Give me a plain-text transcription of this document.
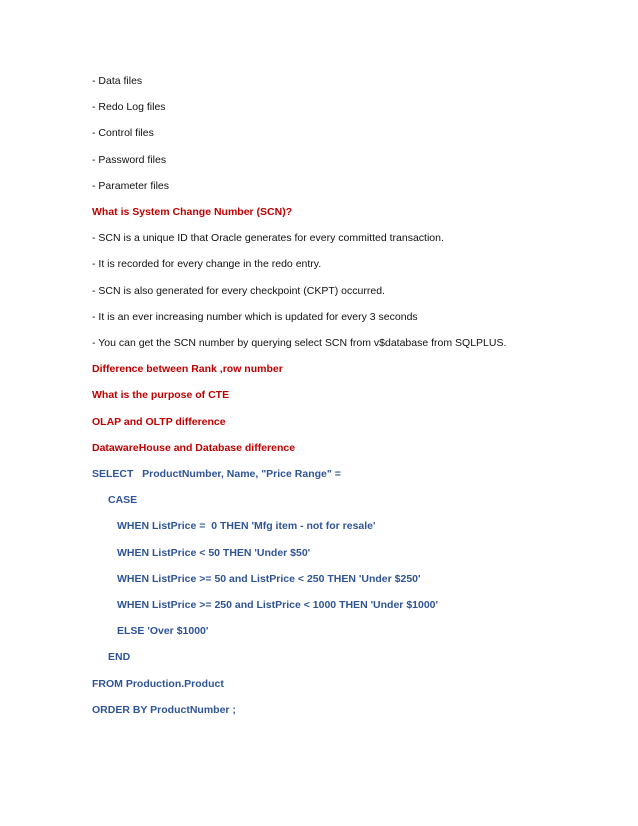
- Data files
- Redo Log files
- Control files
- Password files
- Parameter files
What is System Change Number (SCN)?
- SCN is a unique ID that Oracle generates for every committed transaction.
- It is recorded for every change in the redo entry.
- SCN is also generated for every checkpoint (CKPT) occurred.
- It is an ever increasing number which is updated for every 3 seconds
- You can get the SCN number by querying select SCN from v$database from SQLPLUS.
Difference between Rank ,row number
What is the purpose of CTE
OLAP and OLTP difference
DatawareHouse and Database difference
SELECT   ProductNumber, Name, "Price Range" =
CASE
WHEN ListPrice =  0 THEN 'Mfg item - not for resale'
WHEN ListPrice < 50 THEN 'Under $50'
WHEN ListPrice >= 50 and ListPrice < 250 THEN 'Under $250'
WHEN ListPrice >= 250 and ListPrice < 1000 THEN 'Under $1000'
ELSE 'Over $1000'
END
FROM Production.Product
ORDER BY ProductNumber ;
